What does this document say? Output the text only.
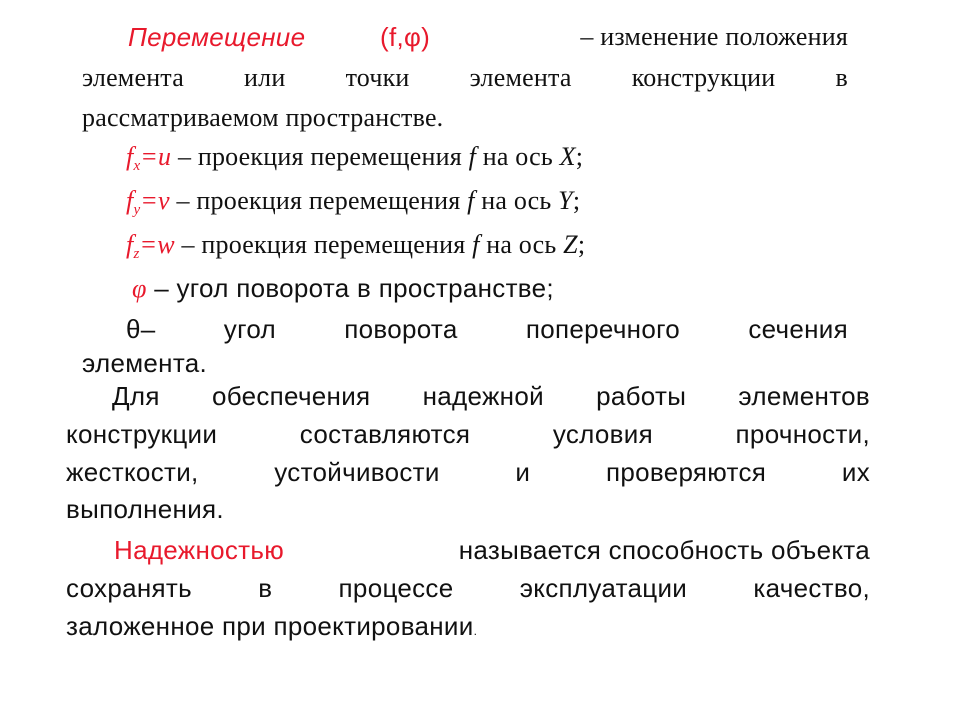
Перемещение	(f,φ)	– изменение положения
элемента или точки элемента конструкции в
рассматриваемом пространстве.
$f_x=u$ – проекция перемещения f на ось X;
$f_y=v$ – проекция перемещения f на ось Y;
$f_z=w$ – проекция перемещения f на ось Z;
φ – угол поворота в пространстве;
θ– угол поворота поперечного сечения
элемента.
Для обеспечения надежной работы элементов
конструкции составляются условия прочности,
жесткости, устойчивости и проверяются их
выполнения.
Надежностью	называется способность объекта
сохранять в процессе эксплуатации качество,
заложенное при проектировании.
